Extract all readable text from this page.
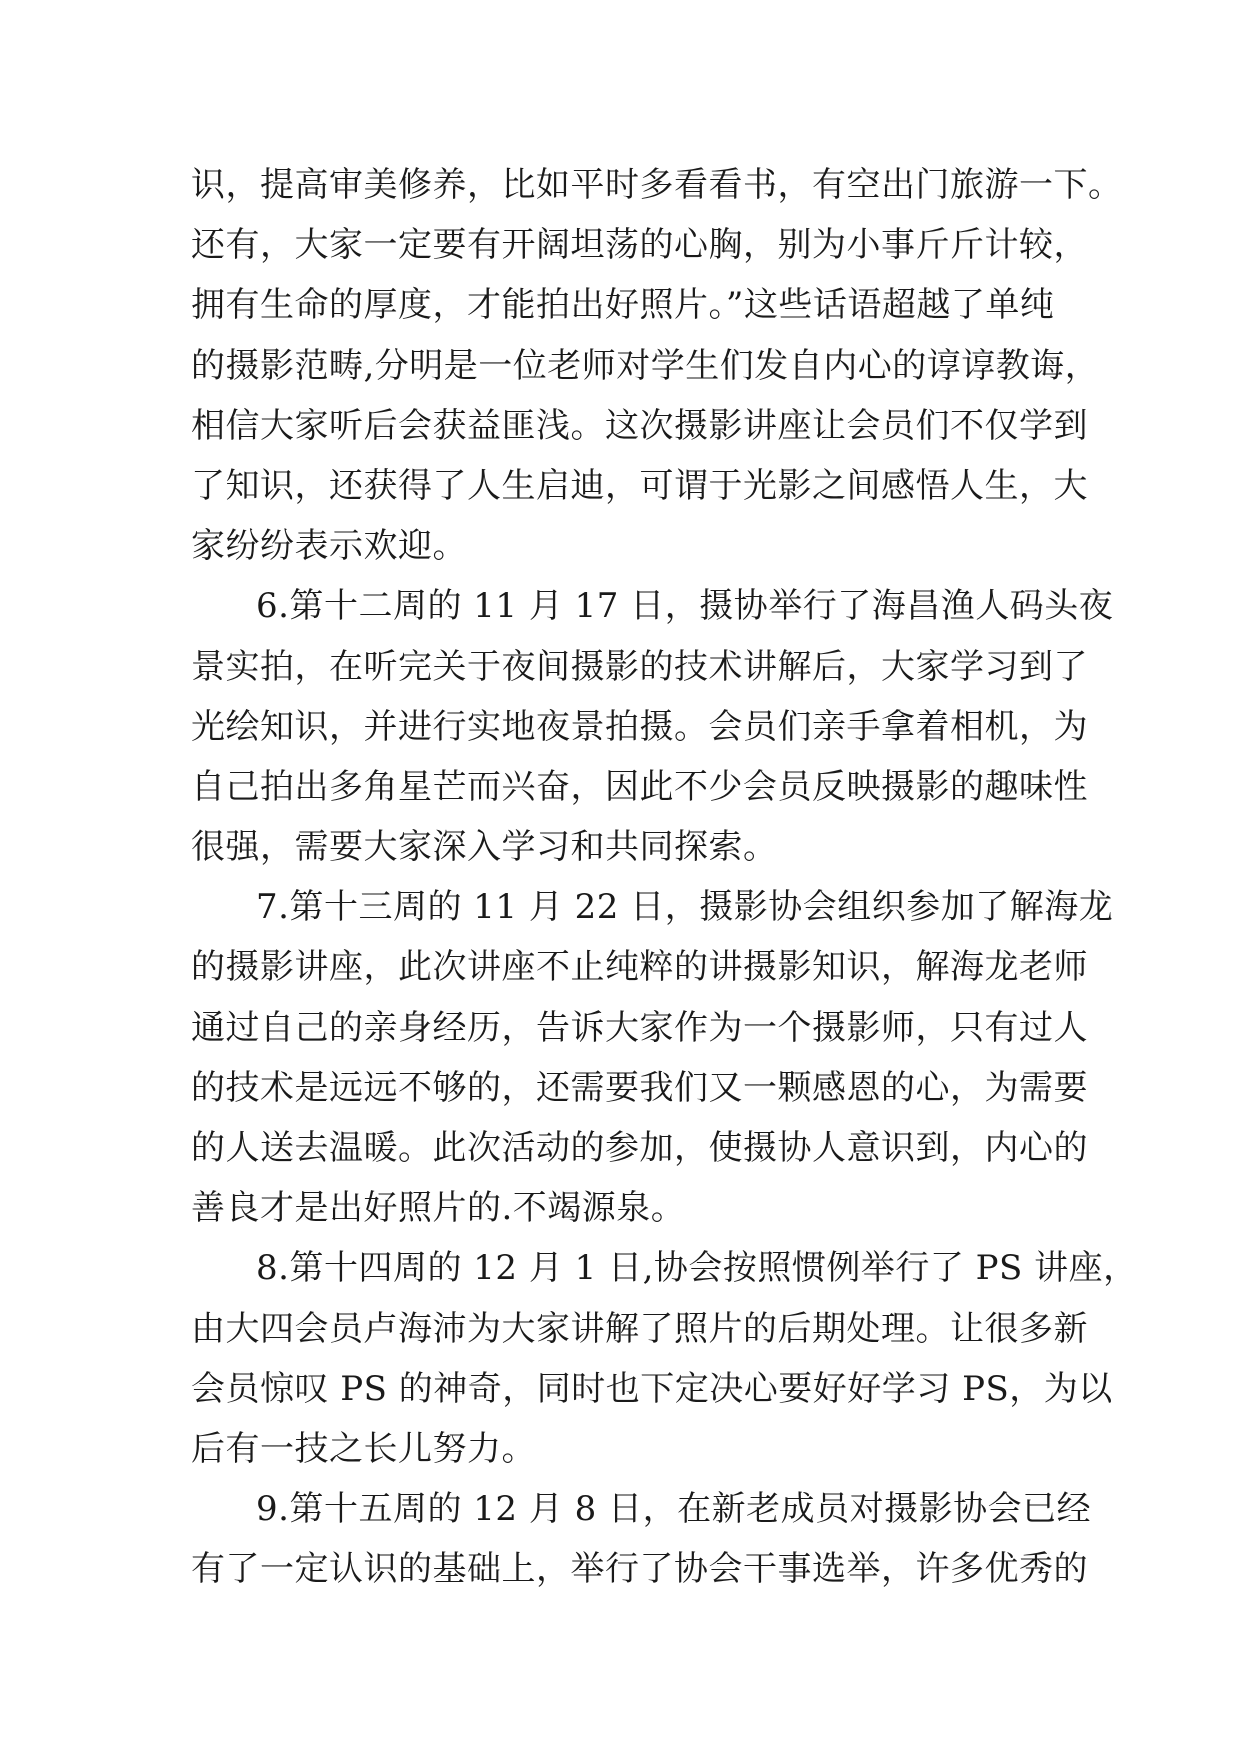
识，提高审美修养，比如平时多看看书，有空出门旅游一下。
还有，大家一定要有开阔坦荡的心胸，别为小事斤斤计较，
拥有生命的厚度，才能拍出好照片。”这些话语超越了单纯
的摄影范畴,分明是一位老师对学生们发自内心的谆谆教诲，
相信大家听后会获益匪浅。这次摄影讲座让会员们不仅学到
了知识，还获得了人生启迪，可谓于光影之间感悟人生，大
家纷纷表示欢迎。
6.第十二周的 11 月 17 日，摄协举行了海昌渔人码头夜
景实拍，在听完关于夜间摄影的技术讲解后，大家学习到了
光绘知识，并进行实地夜景拍摄。会员们亲手拿着相机，为
自己拍出多角星芒而兴奋，因此不少会员反映摄影的趣味性
很强，需要大家深入学习和共同探索。
7.第十三周的 11 月 22 日，摄影协会组织参加了解海龙
的摄影讲座，此次讲座不止纯粹的讲摄影知识，解海龙老师
通过自己的亲身经历，告诉大家作为一个摄影师，只有过人
的技术是远远不够的，还需要我们又一颗感恩的心，为需要
的人送去温暖。此次活动的参加，使摄协人意识到，内心的
善良才是出好照片的.不竭源泉。
8.第十四周的 12 月 1 日,协会按照惯例举行了 PS 讲座，
由大四会员卢海沛为大家讲解了照片的后期处理。让很多新
会员惊叹 PS 的神奇，同时也下定决心要好好学习 PS，为以
后有一技之长儿努力。
9.第十五周的 12 月 8 日，在新老成员对摄影协会已经
有了一定认识的基础上，举行了协会干事选举，许多优秀的
